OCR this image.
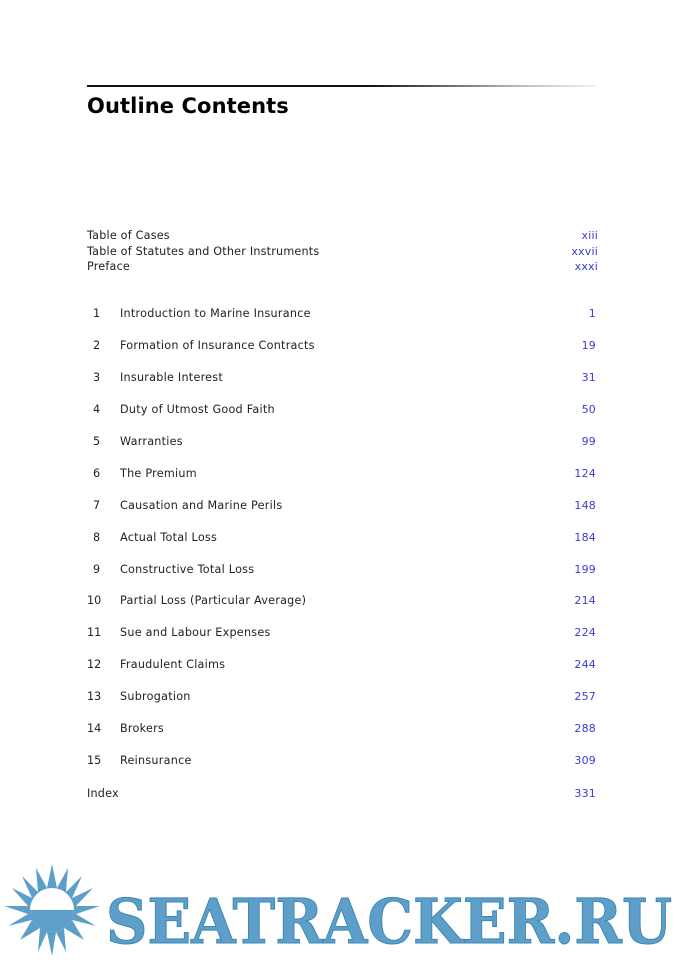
Outline Contents
Table of Cases	xiii
Table of Statutes and Other Instruments	xxvii
Preface	xxxi
1	Introduction to Marine Insurance	1
2	Formation of Insurance Contracts	19
3	Insurable Interest	31
4	Duty of Utmost Good Faith	50
5	Warranties	99
6	The Premium	124
7	Causation and Marine Perils	148
8	Actual Total Loss	184
9	Constructive Total Loss	199
10	Partial Loss (Particular Average)	214
11	Sue and Labour Expenses	224
12	Fraudulent Claims	244
13	Subrogation	257
14	Brokers	288
15	Reinsurance	309
Index	331
SEATRACKER.RU
